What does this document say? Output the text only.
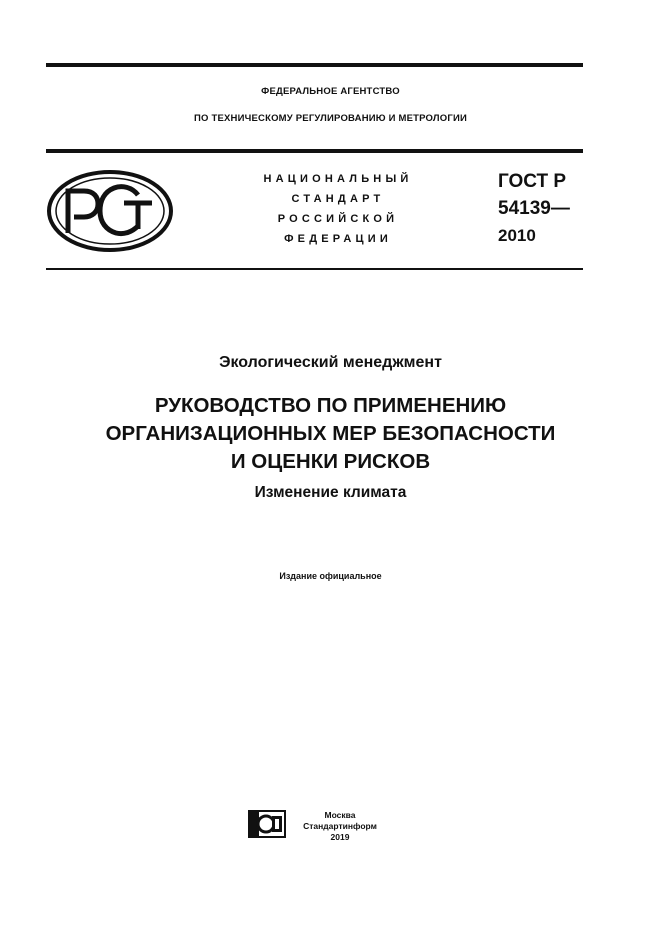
ФЕДЕРАЛЬНОЕ АГЕНТСТВО
ПО ТЕХНИЧЕСКОМУ РЕГУЛИРОВАНИЮ И МЕТРОЛОГИИ
НАЦИОНАЛЬНЫЙ
СТАНДАРТ
РОССИЙСКОЙ
ФЕДЕРАЦИИ
ГОСТ Р
54139—
2010
Экологический менеджмент
РУКОВОДСТВО ПО ПРИМЕНЕНИЮ
ОРГАНИЗАЦИОННЫХ МЕР БЕЗОПАСНОСТИ
И ОЦЕНКИ РИСКОВ
Изменение климата
Издание официальное
Москва
Стандартинформ
2019
